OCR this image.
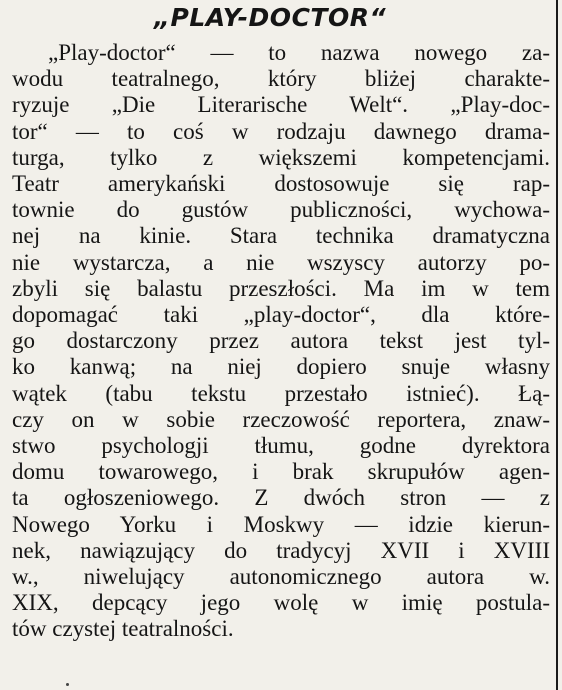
„PLAY-DOCTOR“

„Play-doctor“ — to nazwa nowego za-
wodu teatralnego, który bliżej charakte-
ryzuje „Die Literarische Welt“. „Play-doc-
tor“ — to coś w rodzaju dawnego drama-
turga, tylko z większemi kompetencjami.
Teatr amerykański dostosowuje się rap-
townie do gustów publiczności, wychowa-
nej na kinie. Stara technika dramatyczna
nie wystarcza, a nie wszyscy autorzy po-
zbyli się balastu przeszłości. Ma im w tem
dopomagać taki „play-doctor“, dla które-
go dostarczony przez autora tekst jest tyl-
ko kanwą; na niej dopiero snuje własny
wątek (tabu tekstu przestało istnieć). Łą-
czy on w sobie rzeczowość reportera, znaw-
stwo psychologji tłumu, godne dyrektora
domu towarowego, i brak skrupułów agen-
ta ogłoszeniowego. Z dwóch stron — z
Nowego Yorku i Moskwy — idzie kierun-
nek, nawiązujący do tradycyj XVII i XVIII
w., niwelujący autonomicznego autora w.
XIX, depcący jego wolę w imię postula-
tów czystej teatralności.
